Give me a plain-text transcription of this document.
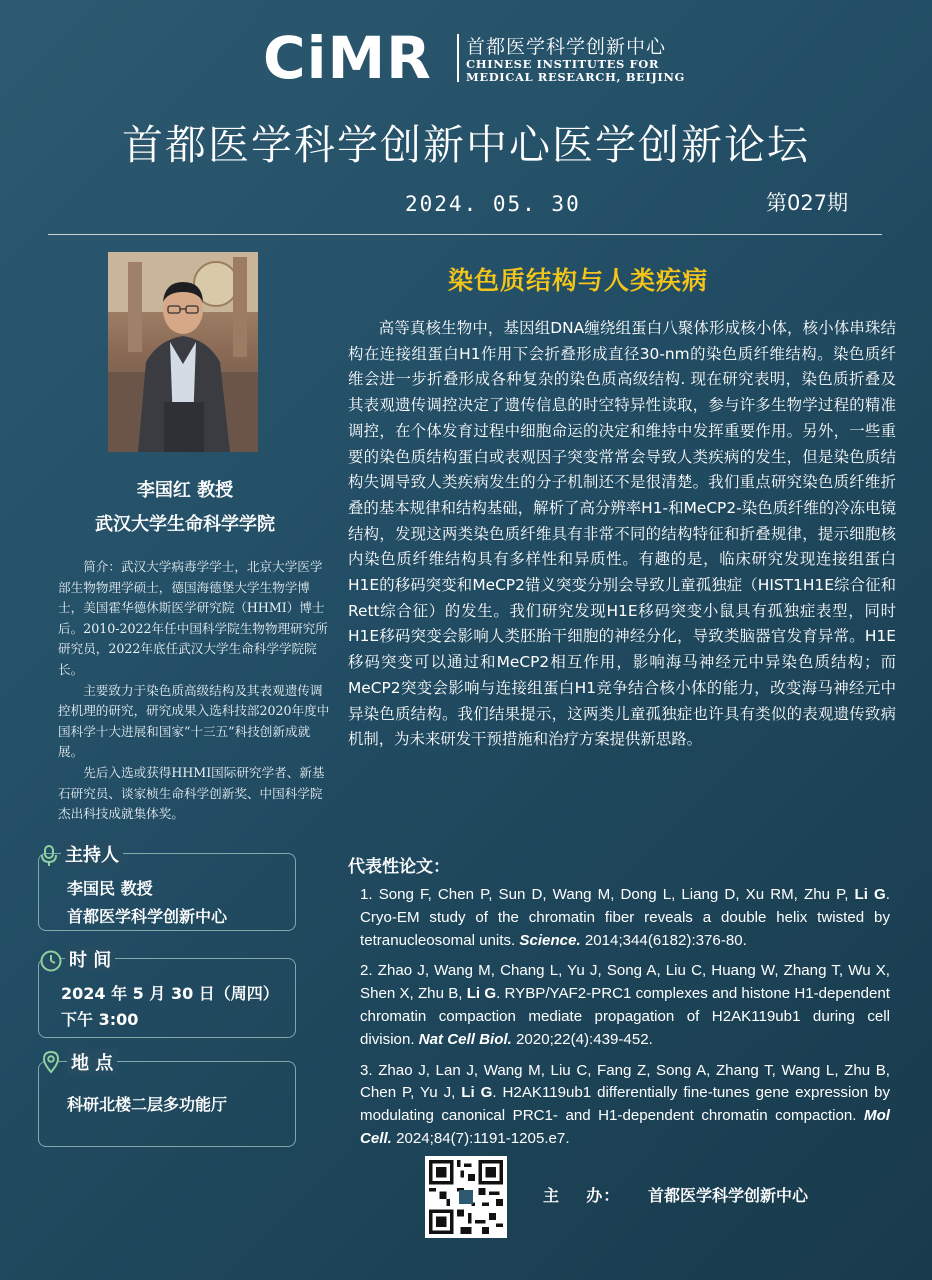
CiMR	首都医学科学创新中心
CHINESE INSTITUTES FOR
MEDICAL RESEARCH, BEIJING
首都医学科学创新中心医学创新论坛
2024. 05. 30	第027期
李国红 教授
武汉大学生命科学学院

简介：武汉大学病毒学学士，北京大学医学部生物物理学硕士，德国海德堡大学生物学博士，美国霍华德休斯医学研究院（HHMI）博士后。2010-2022年任中国科学院生物物理研究所研究员，2022年底任武汉大学生命科学学院院长。

主要致力于染色质高级结构及其表观遗传调控机理的研究，研究成果入选科技部2020年度中国科学十大进展和国家“十三五”科技创新成就展。

先后入选或获得HHMI国际研究学者、新基石研究员、谈家桢生命科学创新奖、中国科学院杰出科技成就集体奖。

主持人
李国民 教授
首都医学科学创新中心
时 间
2024 年 5 月 30 日（周四）
下午 3:00
地 点
科研北楼二层多功能厅
染色质结构与人类疾病

高等真核生物中，基因组DNA缠绕组蛋白八聚体形成核小体，核小体串珠结构在连接组蛋白H1作用下会折叠形成直径30-nm的染色质纤维结构。染色质纤维会进一步折叠形成各种复杂的染色质高级结构. 现在研究表明，染色质折叠及其表观遗传调控决定了遗传信息的时空特异性读取，参与许多生物学过程的精准调控，在个体发育过程中细胞命运的决定和维持中发挥重要作用。另外，一些重要的染色质结构蛋白或表观因子突变常常会导致人类疾病的发生，但是染色质结构失调导致人类疾病发生的分子机制还不是很清楚。我们重点研究染色质纤维折叠的基本规律和结构基础，解析了高分辨率H1-和MeCP2-染色质纤维的冷冻电镜结构，发现这两类染色质纤维具有非常不同的结构特征和折叠规律，提示细胞核内染色质纤维结构具有多样性和异质性。有趣的是，临床研究发现连接组蛋白H1E的移码突变和MeCP2错义突变分别会导致儿童孤独症（HIST1H1E综合征和Rett综合征）的发生。我们研究发现H1E移码突变小鼠具有孤独症表型，同时H1E移码突变会影响人类胚胎干细胞的神经分化，导致类脑器官发育异常。H1E移码突变可以通过和MeCP2相互作用，影响海马神经元中异染色质结构；而MeCP2突变会影响与连接组蛋白H1竞争结合核小体的能力，改变海马神经元中异染色质结构。我们结果提示，这两类儿童孤独症也许具有类似的表观遗传致病机制，为未来研发干预措施和治疗方案提供新思路。

代表性论文：
1. Song F, Chen P, Sun D, Wang M, Dong L, Liang D, Xu RM, Zhu P, Li G. Cryo-EM study of the chromatin fiber reveals a double helix twisted by tetranucleosomal units. Science. 2014;344(6182):376-80.
2. Zhao J, Wang M, Chang L, Yu J, Song A, Liu C, Huang W, Zhang T, Wu X, Shen X, Zhu B, Li G. RYBP/YAF2-PRC1 complexes and histone H1-dependent chromatin compaction mediate propagation of H2AK119ub1 during cell division. Nat Cell Biol. 2020;22(4):439-452.
3. Zhao J, Lan J, Wang M, Liu C, Fang Z, Song A, Zhang T, Wang L, Zhu B, Chen P, Yu J, Li G. H2AK119ub1 differentially fine-tunes gene expression by modulating canonical PRC1- and H1-dependent chromatin compaction. Mol Cell. 2024;84(7):1191-1205.e7.
主    办： 首都医学科学创新中心
